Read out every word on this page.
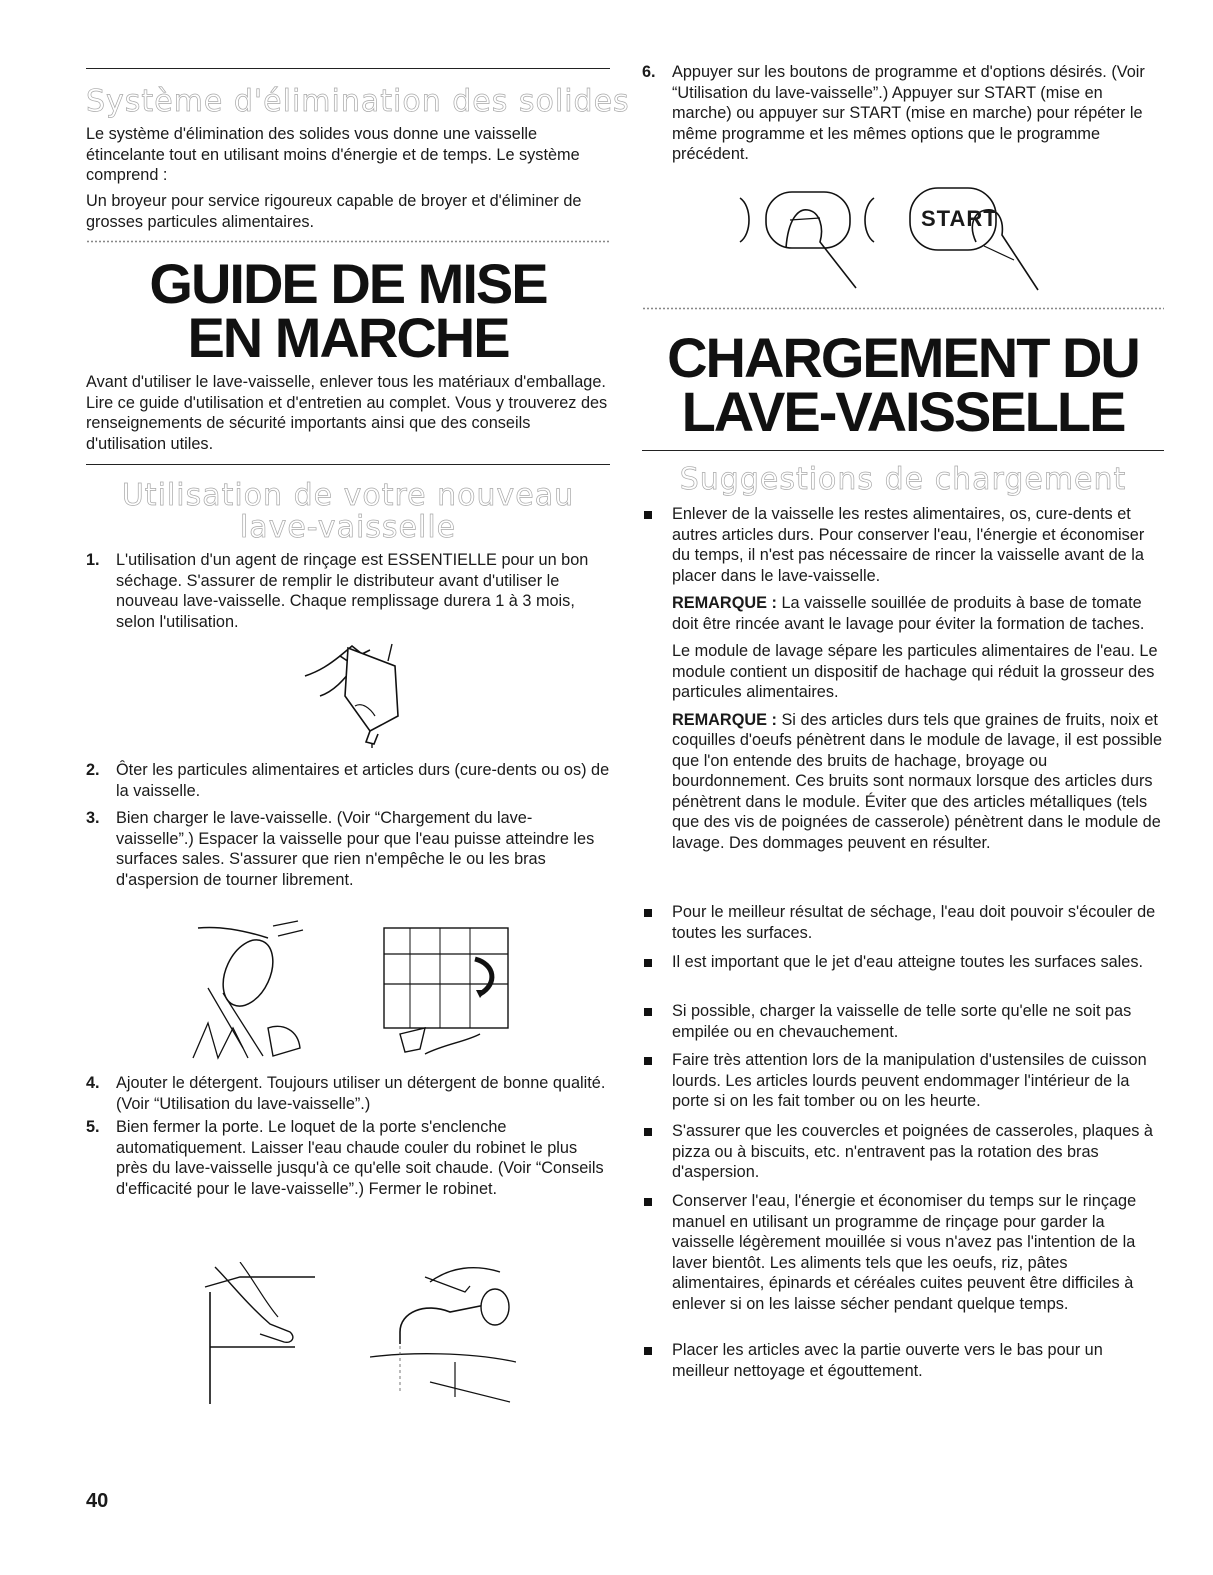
Système d'élimination des solides

Le système d'élimination des solides vous donne une vaisselle étincelante tout en utilisant moins d'énergie et de temps. Le système comprend :

Un broyeur pour service rigoureux capable de broyer et d'éliminer de grosses particules alimentaires.

GUIDE DE MISE
EN MARCHE

Avant d'utiliser le lave-vaisselle, enlever tous les matériaux d'emballage. Lire ce guide d'utilisation et d'entretien au complet. Vous y trouverez des renseignements de sécurité importants ainsi que des conseils d'utilisation utiles.

Utilisation de votre nouveau
lave-vaisselle
1.	L'utilisation d'un agent de rinçage est ESSENTIELLE pour un bon séchage. S'assurer de remplir le distributeur avant d'utiliser le nouveau lave-vaisselle. Chaque remplissage durera 1 à 3 mois, selon l'utilisation.

2.	Ôter les particules alimentaires et articles durs (cure-dents ou os) de la vaisselle.

3.	Bien charger le lave-vaisselle. (Voir “Chargement du lave-vaisselle”.) Espacer la vaisselle pour que l'eau puisse atteindre les surfaces sales. S'assurer que rien n'empêche le ou les bras d'aspersion de tourner librement.

4.	Ajouter le détergent. Toujours utiliser un détergent de bonne qualité. (Voir “Utilisation du lave-vaisselle”.)

5.	Bien fermer la porte. Le loquet de la porte s'enclenche automatiquement. Laisser l'eau chaude couler du robinet le plus près du lave-vaisselle jusqu'à ce qu'elle soit chaude. (Voir “Conseils d'efficacité pour le lave-vaisselle”.) Fermer le robinet.

40
6.	Appuyer sur les boutons de programme et d'options désirés. (Voir “Utilisation du lave-vaisselle”.) Appuyer sur START (mise en marche) ou appuyer sur START (mise en marche) pour répéter le même programme et les mêmes options que le programme précédent.

START
CHARGEMENT DU
LAVE-VAISSELLE
Suggestions de chargement

Enlever de la vaisselle les restes alimentaires, os, cure-dents et autres articles durs. Pour conserver l'eau, l'énergie et économiser du temps, il n'est pas nécessaire de rincer la vaisselle avant de la placer dans le lave-vaisselle.

REMARQUE : La vaisselle souillée de produits à base de tomate doit être rincée avant le lavage pour éviter la formation de taches.

Le module de lavage sépare les particules alimentaires de l'eau. Le module contient un dispositif de hachage qui réduit la grosseur des particules alimentaires.

REMARQUE : Si des articles durs tels que graines de fruits, noix et coquilles d'oeufs pénètrent dans le module de lavage, il est possible que l'on entende des bruits de hachage, broyage ou bourdonnement. Ces bruits sont normaux lorsque des articles durs pénètrent dans le module. Éviter que des articles métalliques (tels que des vis de poignées de casserole) pénètrent dans le module de lavage. Des dommages peuvent en résulter.

Pour le meilleur résultat de séchage, l'eau doit pouvoir s'écouler de toutes les surfaces.

Il est important que le jet d'eau atteigne toutes les surfaces sales.

Si possible, charger la vaisselle de telle sorte qu'elle ne soit pas empilée ou en chevauchement.

Faire très attention lors de la manipulation d'ustensiles de cuisson lourds. Les articles lourds peuvent endommager l'intérieur de la porte si on les fait tomber ou on les heurte.

S'assurer que les couvercles et poignées de casseroles, plaques à pizza ou à biscuits, etc. n'entravent pas la rotation des bras d'aspersion.

Conserver l'eau, l'énergie et économiser du temps sur le rinçage manuel en utilisant un programme de rinçage pour garder la vaisselle légèrement mouillée si vous n'avez pas l'intention de la laver bientôt. Les aliments tels que les oeufs, riz, pâtes alimentaires, épinards et céréales cuites peuvent être difficiles à enlever si on les laisse sécher pendant quelque temps.

Placer les articles avec la partie ouverte vers le bas pour un meilleur nettoyage et égouttement.
